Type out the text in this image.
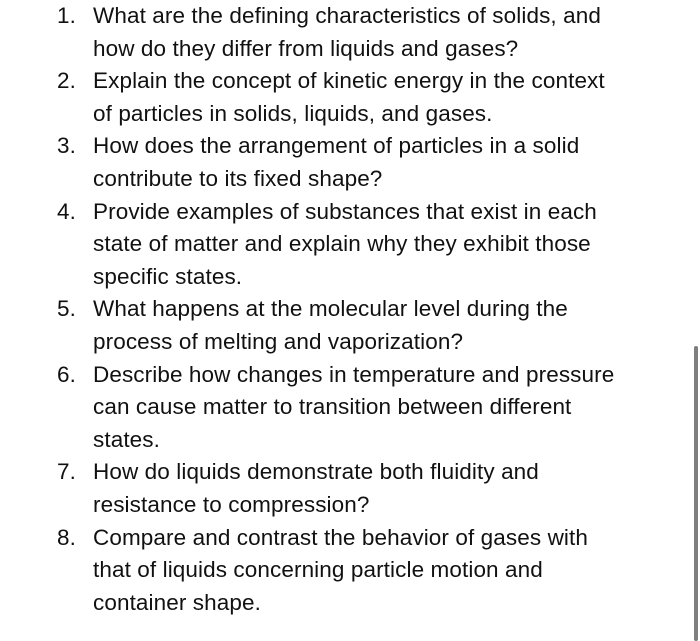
1. What are the defining characteristics of solids, and
how do they differ from liquids and gases?
2. Explain the concept of kinetic energy in the context
of particles in solids, liquids, and gases.
3. How does the arrangement of particles in a solid
contribute to its fixed shape?
4. Provide examples of substances that exist in each
state of matter and explain why they exhibit those
specific states.
5. What happens at the molecular level during the
process of melting and vaporization?
6. Describe how changes in temperature and pressure
can cause matter to transition between different
states.
7. How do liquids demonstrate both fluidity and
resistance to compression?
8. Compare and contrast the behavior of gases with
that of liquids concerning particle motion and
container shape.
